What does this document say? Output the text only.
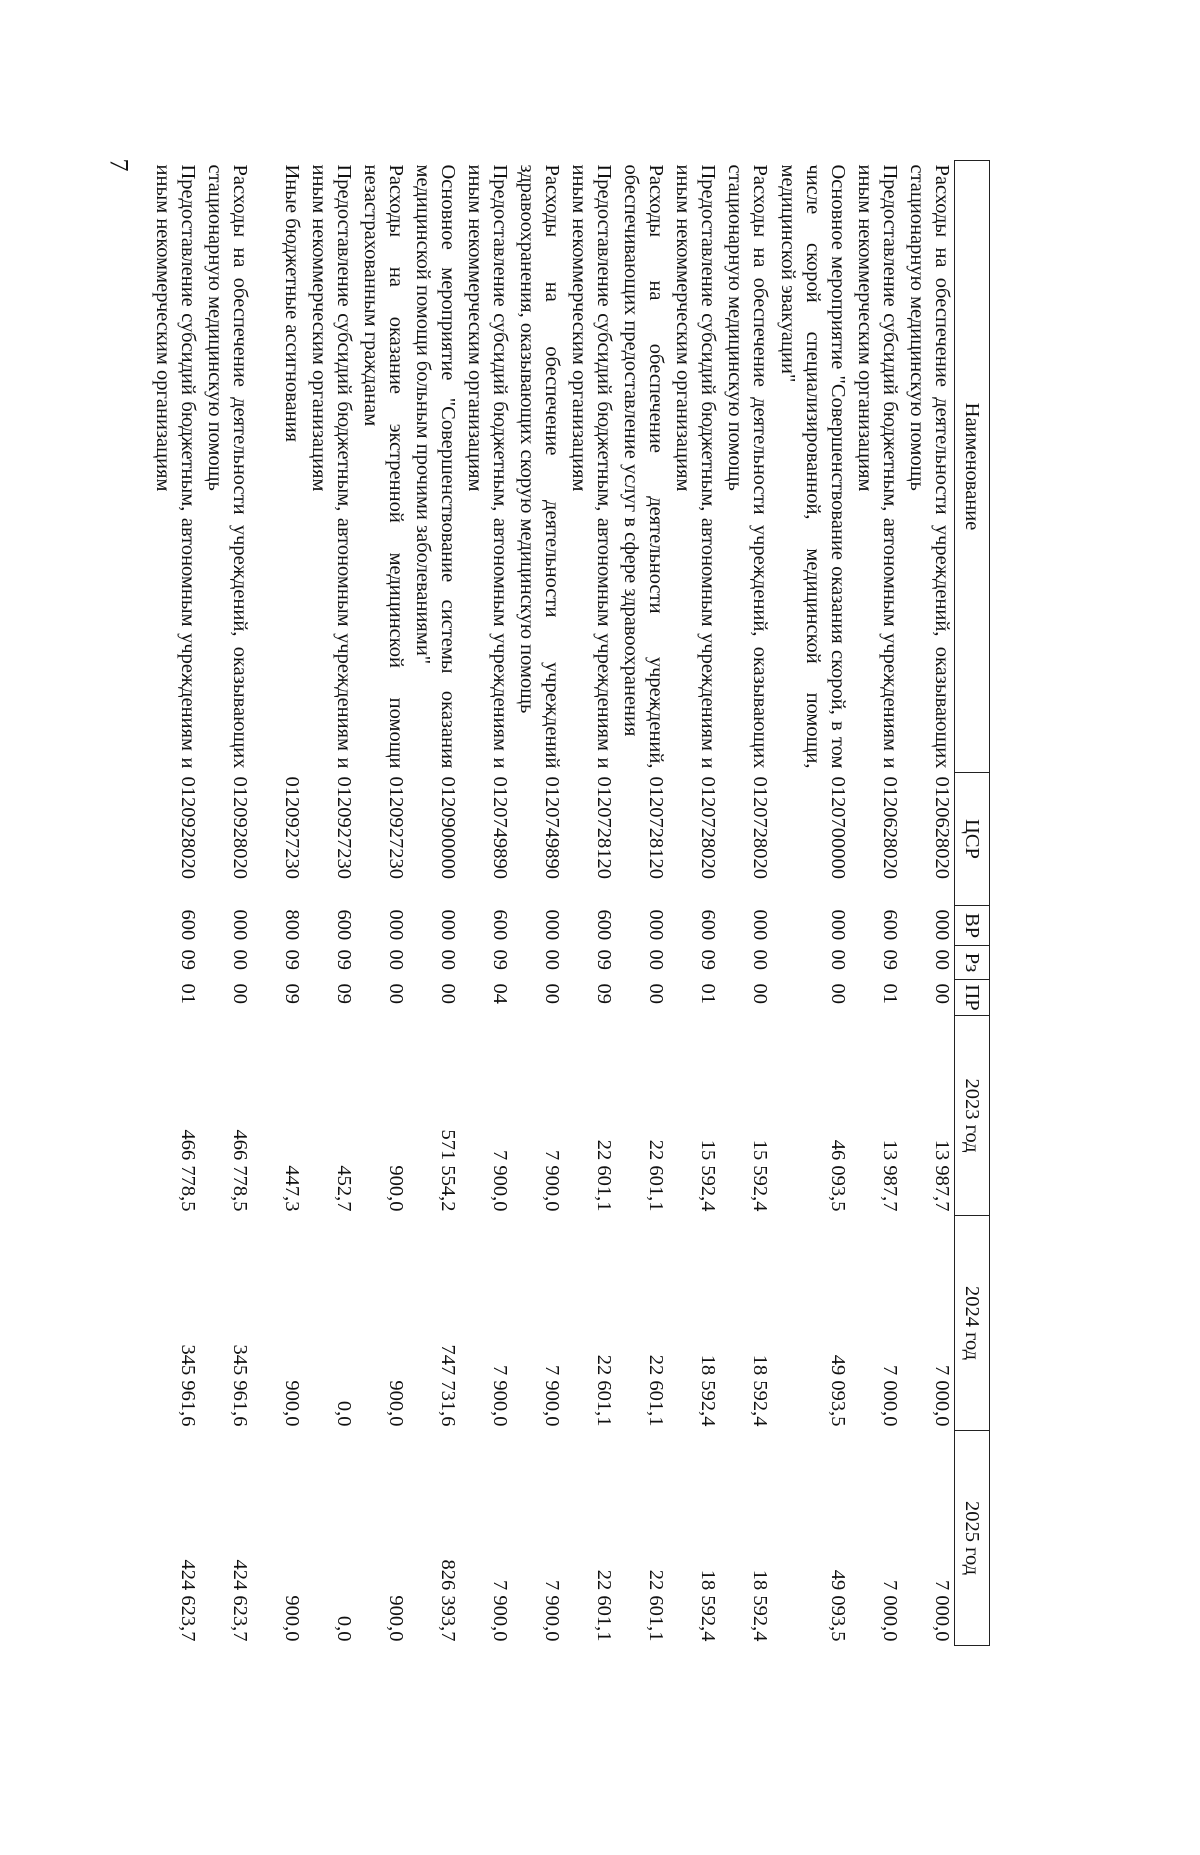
7
Наименование	ЦСР	ВР	Рз	ПР	2023 год	2024 год	2025 год
Расходы на обеспечение деятельности учреждений, оказывающих стационарную медицинскую помощь	0120628020	000	00	00	13 987,7	7 000,0	7 000,0
Предоставление субсидий бюджетным, автономным учреждениям и иным некоммерческим организациям	0120628020	600	09	01	13 987,7	7 000,0	7 000,0
Основное мероприятие "Совершенствование оказания скорой, в том числе скорой специализированной, медицинской помощи, медицинской эвакуации"	0120700000	000	00	00	46 093,5	49 093,5	49 093,5
Расходы на обеспечение деятельности учреждений, оказывающих стационарную медицинскую помощь	0120728020	000	00	00	15 592,4	18 592,4	18 592,4
Предоставление субсидий бюджетным, автономным учреждениям и иным некоммерческим организациям	0120728020	600	09	01	15 592,4	18 592,4	18 592,4
Расходы на обеспечение деятельности учреждений, обеспечивающих предоставление услуг в сфере здравоохранения	0120728120	000	00	00	22 601,1	22 601,1	22 601,1
Предоставление субсидий бюджетным, автономным учреждениям и иным некоммерческим организациям	0120728120	600	09	09	22 601,1	22 601,1	22 601,1
Расходы на обеспечение деятельности учреждений здравоохранения, оказывающих скорую медицинскую помощь	0120749890	000	00	00	7 900,0	7 900,0	7 900,0
Предоставление субсидий бюджетным, автономным учреждениям и иным некоммерческим организациям	0120749890	600	09	04	7 900,0	7 900,0	7 900,0
Основное мероприятие "Совершенствование системы оказания медицинской помощи больным прочими заболеваниями"	0120900000	000	00	00	571 554,2	747 731,6	826 393,7
Расходы на оказание экстренной медицинской помощи незастрахованным гражданам	0120927230	000	00	00	900,0	900,0	900,0
Предоставление субсидий бюджетным, автономным учреждениям и иным некоммерческим организациям	0120927230	600	09	09	452,7	0,0	0,0
Иные бюджетные ассигнования	0120927230	800	09	09	447,3	900,0	900,0
Расходы на обеспечение деятельности учреждений, оказывающих стационарную медицинскую помощь	0120928020	000	00	00	466 778,5	345 961,6	424 623,7
Предоставление субсидий бюджетным, автономным учреждениям и иным некоммерческим организациям	0120928020	600	09	01	466 778,5	345 961,6	424 623,7
